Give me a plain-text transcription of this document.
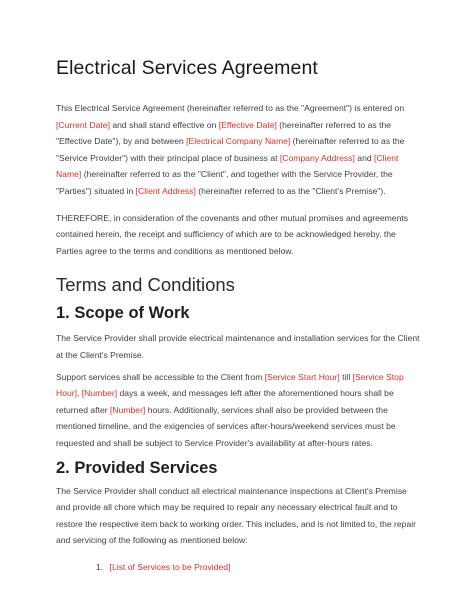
Electrical Services Agreement

This Electrical Service Agreement (hereinafter referred to as the "Agreement") is entered on [Current Date] and shall stand effective on [Effective Date] (hereinafter referred to as the "Effective Date"), by and between [Electrical Company Name] (hereinafter referred to as the "Service Provider") with their principal place of business at [Company Address] and [Client Name] (hereinafter referred to as the "Client", and together with the Service Provider, the "Parties") situated in [Client Address] (hereinafter referred to as the "Client's Premise").

THEREFORE, in consideration of the covenants and other mutual promises and agreements contained herein, the receipt and sufficiency of which are to be acknowledged hereby, the Parties agree to the terms and conditions as mentioned below.

Terms and Conditions
1. Scope of Work

The Service Provider shall provide electrical maintenance and installation services for the Client at the Client's Premise.

Support services shall be accessible to the Client from [Service Start Hour] till [Service Stop Hour], [Number] days a week, and messages left after the aforementioned hours shall be returned after [Number] hours. Additionally, services shall also be provided between the mentioned timeline, and the exigencies of services after-hours/weekend services must be requested and shall be subject to Service Provider's availability at after-hours rates.

2. Provided Services

The Service Provider shall conduct all electrical maintenance inspections at Client's Premise and provide all chore which may be required to repair any necessary electrical fault and to restore the respective item back to working order. This includes, and is not limited to, the repair and servicing of the following as mentioned below:

1. [List of Services to be Provided]
